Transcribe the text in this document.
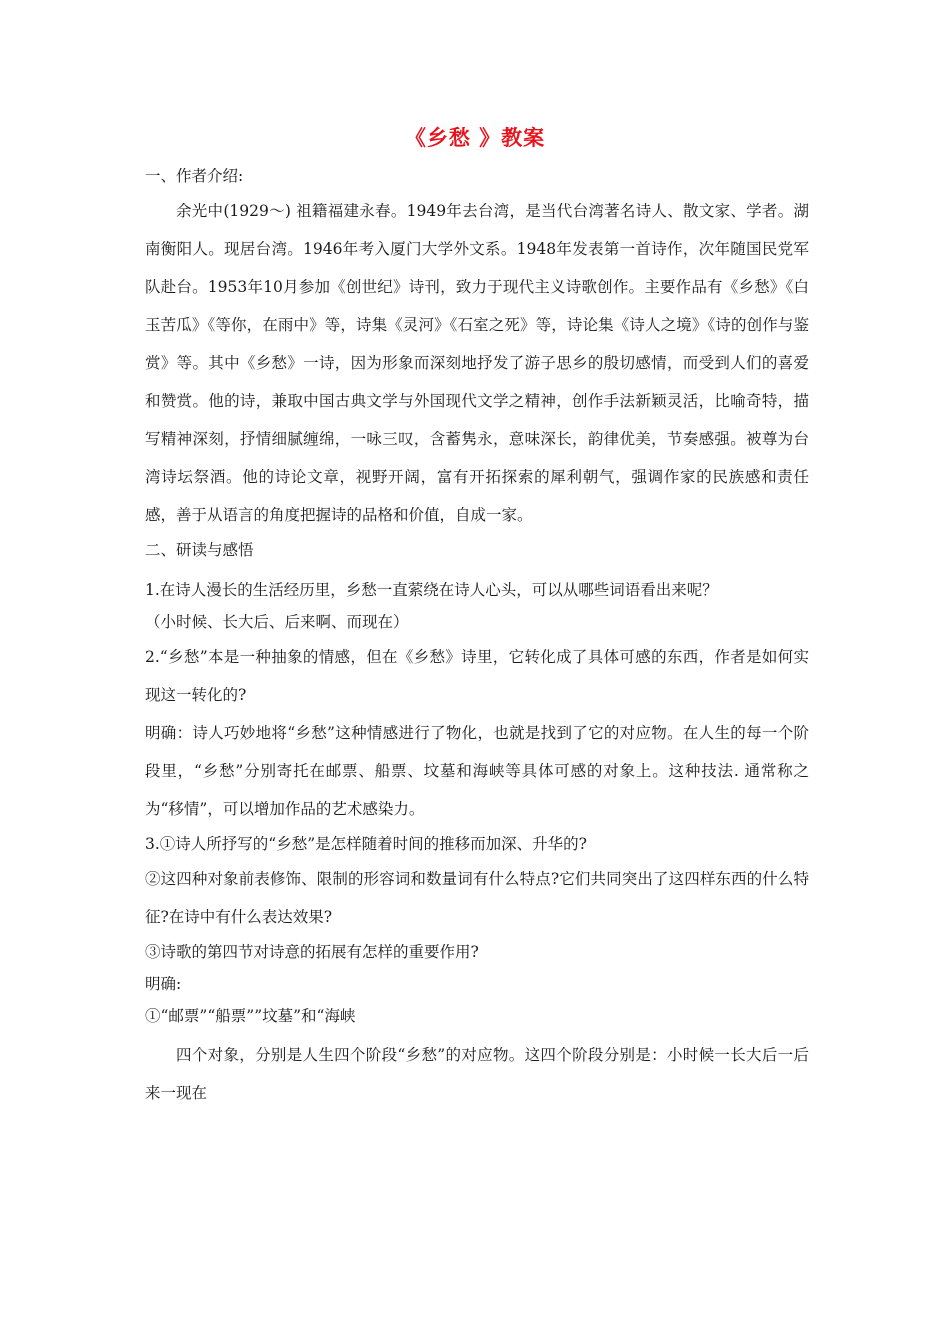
《乡愁 》教案
一、作者介绍:

余光中(1929～) 祖籍福建永春。1949年去台湾，是当代台湾著名诗人、散文家、学者。湖南衡阳人。现居台湾。1946年考入厦门大学外文系。1948年发表第一首诗作，次年随国民党军队赴台。1953年10月参加《创世纪》诗刊，致力于现代主义诗歌创作。主要作品有《乡愁》《白玉苦瓜》《等你，在雨中》等，诗集《灵河》《石室之死》等，诗论集《诗人之境》《诗的创作与鉴赏》等。其中《乡愁》一诗，因为形象而深刻地抒发了游子思乡的殷切感情，而受到人们的喜爱和赞赏。他的诗，兼取中国古典文学与外国现代文学之精神，创作手法新颖灵活，比喻奇特，描写精神深刻，抒情细腻缠绵，一咏三叹，含蓄隽永，意味深长，韵律优美，节奏感强。被尊为台湾诗坛祭酒。他的诗论文章，视野开阔，富有开拓探索的犀利朝气，强调作家的民族感和责任感，善于从语言的角度把握诗的品格和价值，自成一家。

二、研读与感悟
1.在诗人漫长的生活经历里，乡愁一直萦绕在诗人心头，可以从哪些词语看出来呢？
（小时候、长大后、后来啊、而现在）

2.“乡愁”本是一种抽象的情感，但在《乡愁》诗里，它转化成了具体可感的东西，作者是如何实现这一转化的?

明确：诗人巧妙地将“乡愁”这种情感进行了物化，也就是找到了它的对应物。在人生的每一个阶段里，“乡愁”分别寄托在邮票、船票、坟墓和海峡等具体可感的对象上。这种技法. 通常称之为“移情”，可以增加作品的艺术感染力。

3.①诗人所抒写的“乡愁”是怎样随着时间的推移而加深、升华的?

②这四种对象前表修饰、限制的形容词和数量词有什么特点?它们共同突出了这四样东西的什么特征?在诗中有什么表达效果?

③诗歌的第四节对诗意的拓展有怎样的重要作用?
明确:
①“邮票”“船票””坟墓”和“海峡

四个对象，分别是人生四个阶段“乡愁”的对应物。这四个阶段分别是：小时候一长大后一后来一现在
